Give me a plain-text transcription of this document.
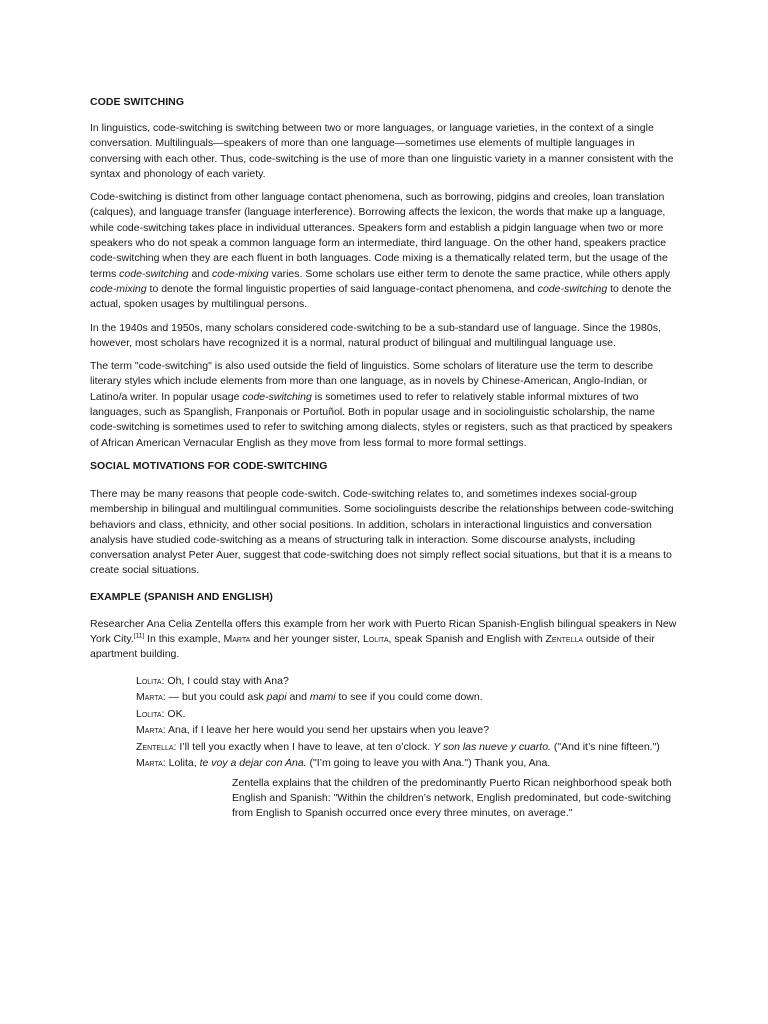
CODE SWITCHING

In linguistics, code-switching is switching between two or more languages, or language varieties, in the context of a single conversation. Multilinguals—speakers of more than one language—sometimes use elements of multiple languages in conversing with each other. Thus, code-switching is the use of more than one linguistic variety in a manner consistent with the syntax and phonology of each variety.

Code-switching is distinct from other language contact phenomena, such as borrowing, pidgins and creoles, loan translation (calques), and language transfer (language interference). Borrowing affects the lexicon, the words that make up a language, while code-switching takes place in individual utterances. Speakers form and establish a pidgin language when two or more speakers who do not speak a common language form an intermediate, third language. On the other hand, speakers practice code-switching when they are each fluent in both languages. Code mixing is a thematically related term, but the usage of the terms code-switching and code-mixing varies. Some scholars use either term to denote the same practice, while others apply code-mixing to denote the formal linguistic properties of said language-contact phenomena, and code-switching to denote the actual, spoken usages by multilingual persons.

In the 1940s and 1950s, many scholars considered code-switching to be a sub-standard use of language. Since the 1980s, however, most scholars have recognized it is a normal, natural product of bilingual and multilingual language use.

The term "code-switching" is also used outside the field of linguistics. Some scholars of literature use the term to describe literary styles which include elements from more than one language, as in novels by Chinese-American, Anglo-Indian, or Latino/a writer. In popular usage code-switching is sometimes used to refer to relatively stable informal mixtures of two languages, such as Spanglish, Franponais or Portuñol. Both in popular usage and in sociolinguistic scholarship, the name code-switching is sometimes used to refer to switching among dialects, styles or registers, such as that practiced by speakers of African American Vernacular English as they move from less formal to more formal settings.

SOCIAL MOTIVATIONS FOR CODE-SWITCHING

There may be many reasons that people code-switch. Code-switching relates to, and sometimes indexes social-group membership in bilingual and multilingual communities. Some sociolinguists describe the relationships between code-switching behaviors and class, ethnicity, and other social positions. In addition, scholars in interactional linguistics and conversation analysis have studied code-switching as a means of structuring talk in interaction. Some discourse analysts, including conversation analyst Peter Auer, suggest that code-switching does not simply reflect social situations, but that it is a means to create social situations.

EXAMPLE (SPANISH AND ENGLISH)

Researcher Ana Celia Zentella offers this example from her work with Puerto Rican Spanish-English bilingual speakers in New York City.[11] In this example, Marta and her younger sister, Lolita, speak Spanish and English with Zentella outside of their apartment building.

Lolita: Oh, I could stay with Ana?

Marta: — but you could ask papi and mami to see if you could come down.

Lolita: OK.

Marta: Ana, if I leave her here would you send her upstairs when you leave?

Zentella: I’ll tell you exactly when I have to leave, at ten o’clock. Y son las nueve y cuarto. ("And it’s nine fifteen.")

Marta: Lolita, te voy a dejar con Ana. ("I’m going to leave you with Ana.") Thank you, Ana.

Zentella explains that the children of the predominantly Puerto Rican neighborhood speak both English and Spanish: "Within the children’s network, English predominated, but code-switching from English to Spanish occurred once every three minutes, on average."
